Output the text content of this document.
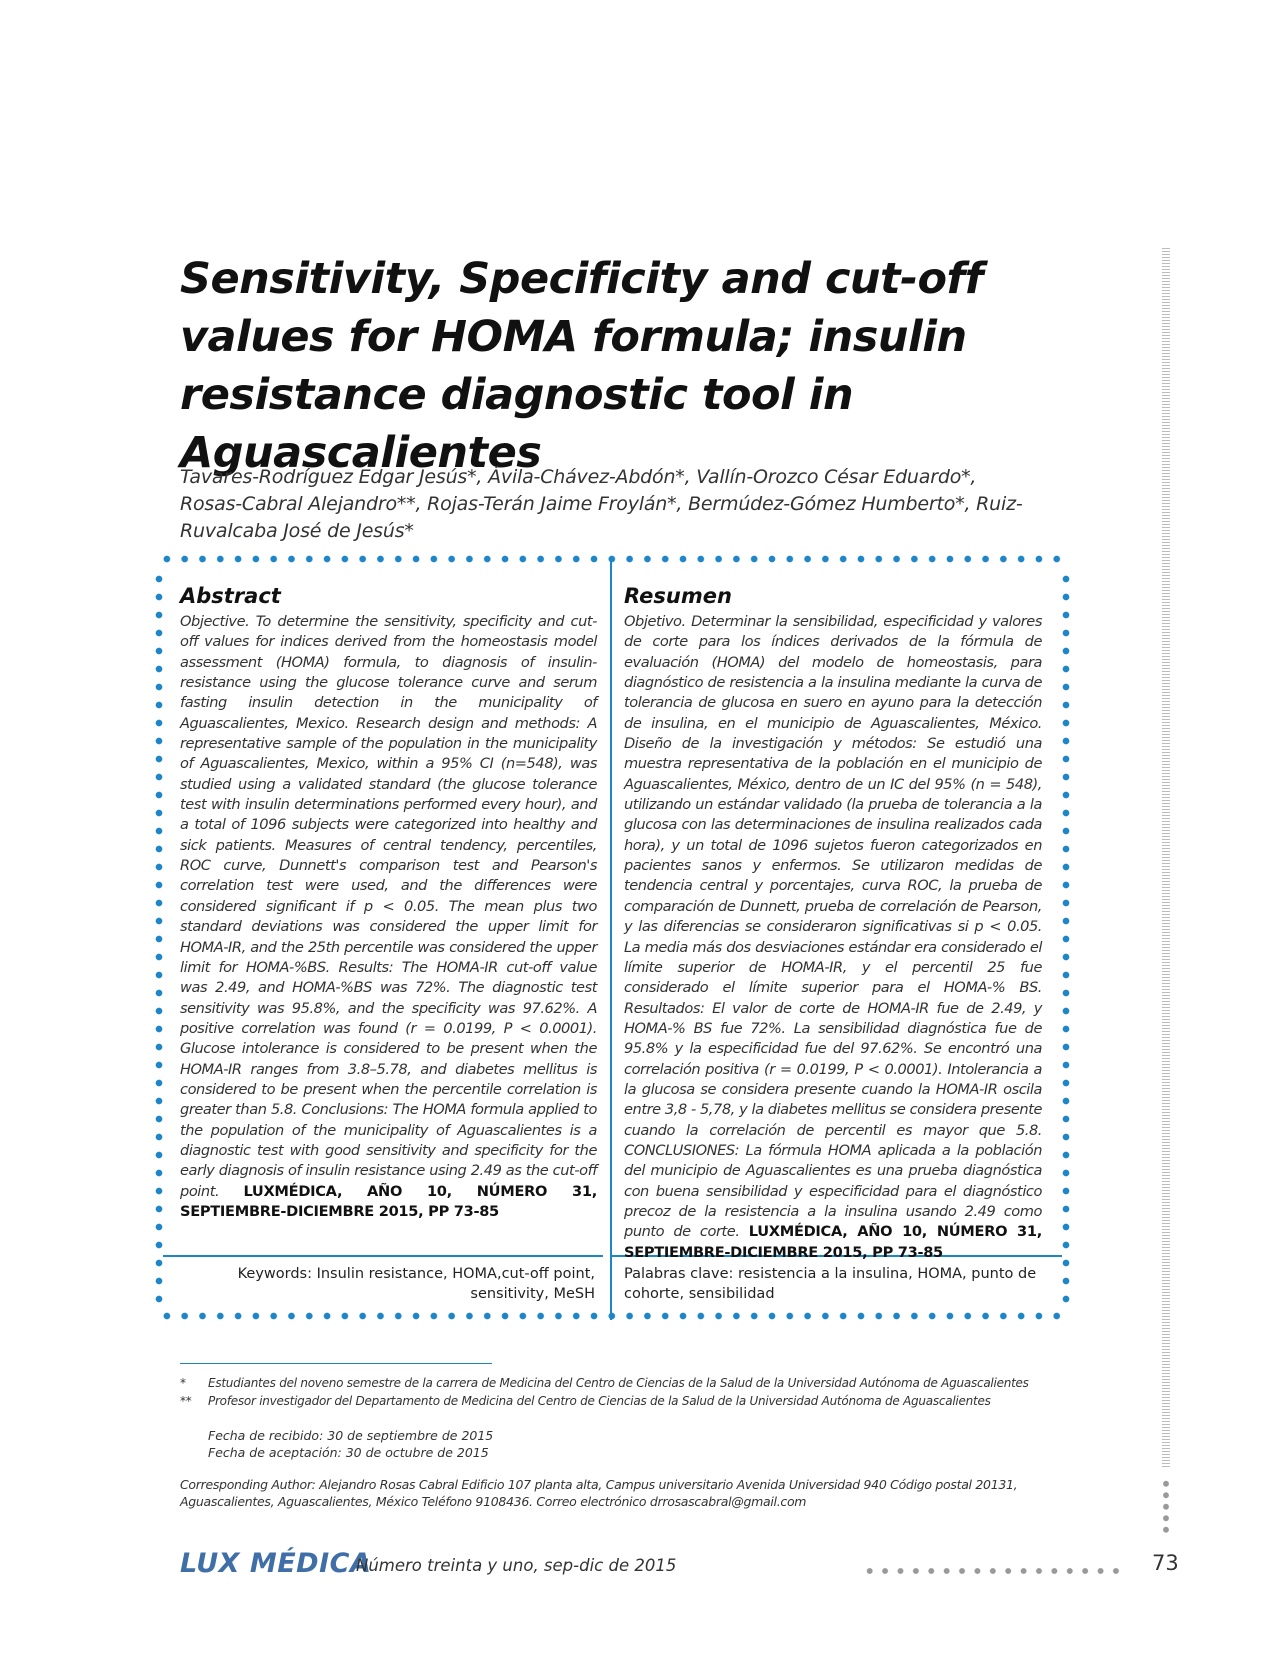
Sensitivity, Specificity and cut-off values for HOMA formula; insulin resistance diagnostic tool in Aguascalientes

Tavares-Rodríguez Edgar Jesús*, Ávila-Chávez-Abdón*, Vallín-Orozco César Eduardo*, Rosas-Cabral Alejandro**, Rojas-Terán Jaime Froylán*, Bermúdez-Gómez Humberto*, Ruiz-Ruvalcaba José de Jesús*

Abstract

Objective. To determine the sensitivity, specificity and cut-off values for indices derived from the homeostasis model assessment (HOMA) formula, to diagnosis of insulin-resistance using the glucose tolerance curve and serum fasting insulin detection in the municipality of Aguascalientes, Mexico. Research design and methods: A representative sample of the population in the municipality of Aguascalientes, Mexico, within a 95% CI (n=548), was studied using a validated standard (the glucose tolerance test with insulin determinations performed every hour), and a total of 1096 subjects were categorized into healthy and sick patients. Measures of central tendency, percentiles, ROC curve, Dunnett's comparison test and Pearson's correlation test were used, and the differences were considered significant if p < 0.05. The mean plus two standard deviations was considered the upper limit for HOMA-IR, and the 25th percentile was considered the upper limit for HOMA-%BS. Results: The HOMA-IR cut-off value was 2.49, and HOMA-%BS was 72%. The diagnostic test sensitivity was 95.8%, and the specificity was 97.62%. A positive correlation was found (r = 0.0199, P < 0.0001). Glucose intolerance is considered to be present when the HOMA-IR ranges from 3.8–5.78, and diabetes mellitus is considered to be present when the percentile correlation is greater than 5.8. Conclusions: The HOMA formula applied to the population of the municipality of Aguascalientes is a diagnostic test with good sensitivity and specificity for the early diagnosis of insulin resistance using 2.49 as the cut-off point. LUXMÉDICA, AÑO 10, NÚMERO 31, SEPTIEMBRE-DICIEMBRE 2015, PP 73-85

Resumen

Objetivo. Determinar la sensibilidad, especificidad y valores de corte para los índices derivados de la fórmula de evaluación (HOMA) del modelo de homeostasis, para diagnóstico de resistencia a la insulina mediante la curva de tolerancia de glucosa en suero en ayuno para la detección de insulina, en el municipio de Aguascalientes, México. Diseño de la investigación y métodos: Se estudió una muestra representativa de la población en el municipio de Aguascalientes, México, dentro de un IC del 95% (n = 548), utilizando un estándar validado (la prueba de tolerancia a la glucosa con las determinaciones de insulina realizados cada hora), y un total de 1096 sujetos fueron categorizados en pacientes sanos y enfermos. Se utilizaron medidas de tendencia central y porcentajes, curva ROC, la prueba de comparación de Dunnett, prueba de correlación de Pearson, y las diferencias se consideraron significativas si p < 0.05. La media más dos desviaciones estándar era considerado el límite superior de HOMA-IR, y el percentil 25 fue considerado el límite superior para el HOMA-% BS. Resultados: El valor de corte de HOMA-IR fue de 2.49, y HOMA-% BS fue 72%. La sensibilidad diagnóstica fue de 95.8% y la especificidad fue del 97.62%. Se encontró una correlación positiva (r = 0.0199, P < 0.0001). Intolerancia a la glucosa se considera presente cuando la HOMA-IR oscila entre 3,8 - 5,78, y la diabetes mellitus se considera presente cuando la correlación de percentil es mayor que 5.8. CONCLUSIONES: La fórmula HOMA aplicada a la población del municipio de Aguascalientes es una prueba diagnóstica con buena sensibilidad y especificidad para el diagnóstico precoz de la resistencia a la insulina usando 2.49 como punto de corte. LUXMÉDICA, AÑO 10, NÚMERO 31, SEPTIEMBRE-DICIEMBRE 2015, PP 73-85

Keywords: Insulin resistance, HOMA,cut-off point, sensitivity, MeSH

Palabras clave: resistencia a la insulina, HOMA, punto de cohorte, sensibilidad

* Estudiantes del noveno semestre de la carrera de Medicina del Centro de Ciencias de la Salud de la Universidad Autónoma de Aguascalientes

** Profesor investigador del Departamento de Medicina del Centro de Ciencias de la Salud de la Universidad Autónoma de Aguascalientes

Fecha de recibido: 30 de septiembre de 2015
Fecha de aceptación: 30 de octubre de 2015

Corresponding Author: Alejandro Rosas Cabral Edificio 107 planta alta, Campus universitario Avenida Universidad 940 Código postal 20131, Aguascalientes, Aguascalientes, México Teléfono 9108436. Correo electrónico drrosascabral@gmail.com

LUX MÉDICA

Número treinta y uno, sep-dic de 2015	73
